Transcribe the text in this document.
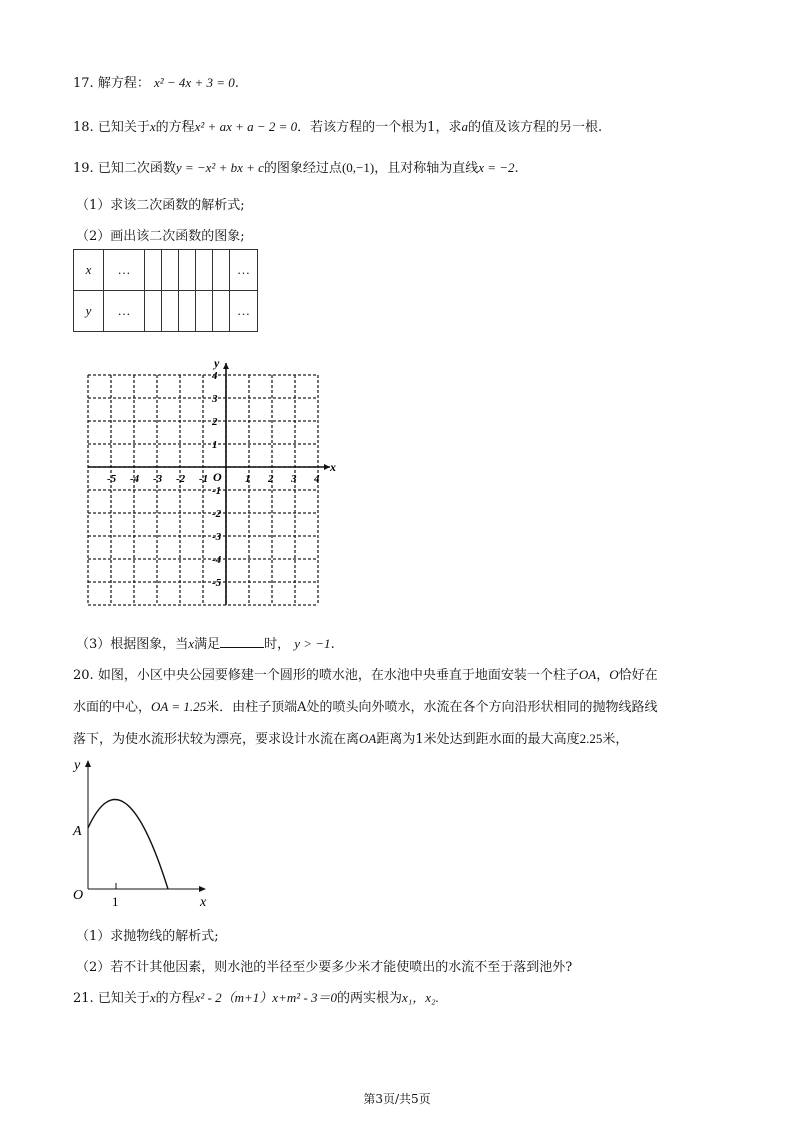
17. 解方程： x² − 4x + 3 = 0.
18. 已知关于x的方程x² + ax + a − 2 = 0．若该方程的一个根为1，求a的值及该方程的另一根.
19. 已知二次函数y = −x² + bx + c的图象经过点(0,−1)，且对称轴为直线x = −2.
（1）求该二次函数的解析式;
（2）画出该二次函数的图象;
x	…						…
y	…						…
-5 -4 -3 -2 -1	1 2 3 4
4
3
2
1
-1
-2
-3
-4
-5
O
x
y
（3）根据图象，当x满足	时， y > −1.
20. 如图，小区中央公园要修建一个圆形的喷水池，在水池中央垂直于地面安装一个柱子OA，O恰好在
水面的中心，OA = 1.25米．由柱子顶端A处的喷头向外喷水，水流在各个方向沿形状相同的抛物线路线
落下，为使水流形状较为漂亮，要求设计水流在离OA距离为1米处达到距水面的最大高度2.25米，
y
A
O 1	x
（1）求抛物线的解析式;
（2）若不计其他因素，则水池的半径至少要多少米才能使喷出的水流不至于落到池外?
21. 已知关于x的方程x² - 2（m+1）x+m² - 3＝0的两实根为x₁，x₂.
第3页/共5页
